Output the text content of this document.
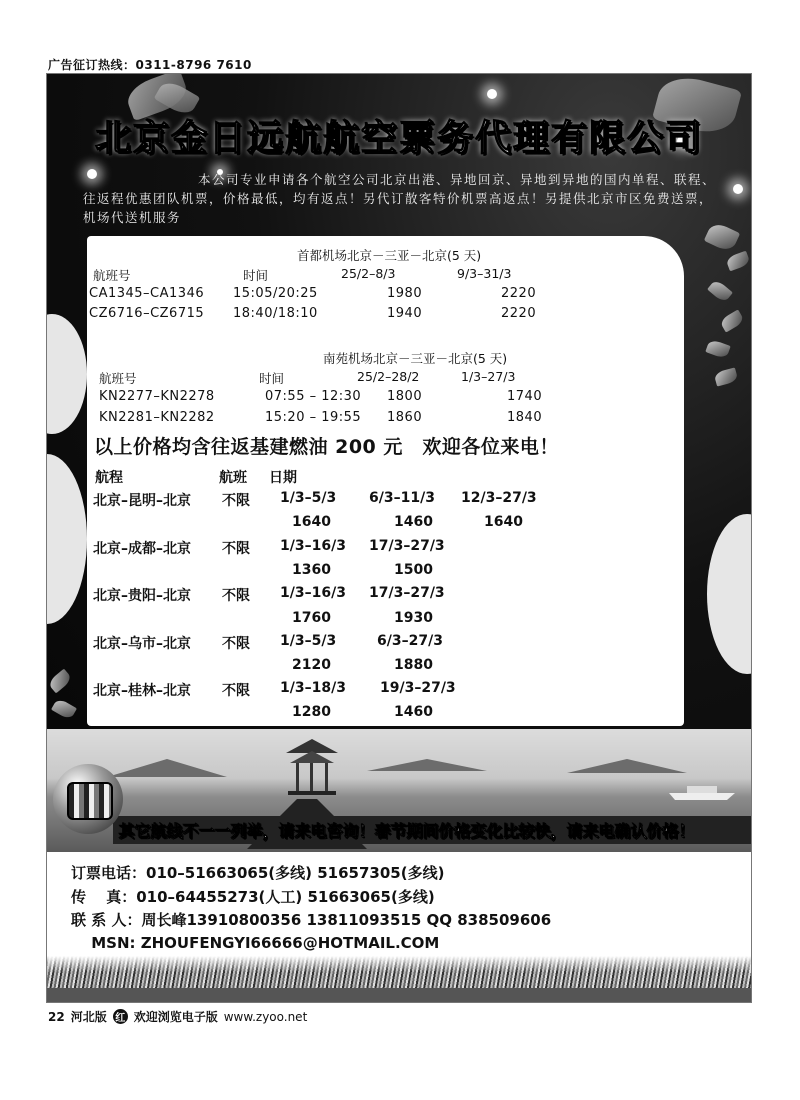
广告征订热线：0311-8796 7610
北京金日远航航空票务代理有限公司
本公司专业申请各个航空公司北京出港、异地回京、异地到异地的国内单程、联程、往返程优惠团队机票，价格最低，均有返点！另代订散客特价机票高返点！另提供北京市区免费送票，机场代送机服务
首都机场北京－三亚－北京(5 天)
航班号	时间	25/2–8/3	9/3–31/3
CA1345–CA1346 15:05/20:25	1980	2220
CZ6716–CZ6715 18:40/18:10	1940	2220
南苑机场北京－三亚－北京(5 天)
航班号	时间	25/2–28/2	1/3–27/3
KN2277–KN2278	07:55 – 12:30 1800	1740
KN2281–KN2282	15:20 – 19:55 1860	1840
以上价格均含往返基建燃油 200 元　欢迎各位来电！
航程	航班 日期
北京–昆明–北京 不限 1/3–5/3 6/3–11/3 12/3–27/3
1640	1460	1640
北京–成都–北京 不限 1/3–16/3 17/3–27/3
1360	1500
北京–贵阳–北京 不限 1/3–16/3 17/3–27/3
1760	1930
北京–乌市–北京 不限 1/3–5/3	6/3–27/3
2120	1880
北京–桂林–北京 不限 1/3–18/3 19/3–27/3
1280	1460
其它航线不一一列举，请来电咨询！春节期间价格变化比较快，请来电确认价格！
订票电话：010–51663065(多线) 51657305(多线)
传　 真：010–64455273(人工) 51663065(多线)
联 系 人：周长峰13910800356 13811093515 QQ 838509606
　 MSN: ZHOUFENGYI66666@HOTMAIL.COM
22 河北版 红 欢迎浏览电子版 www.zyoo.net
